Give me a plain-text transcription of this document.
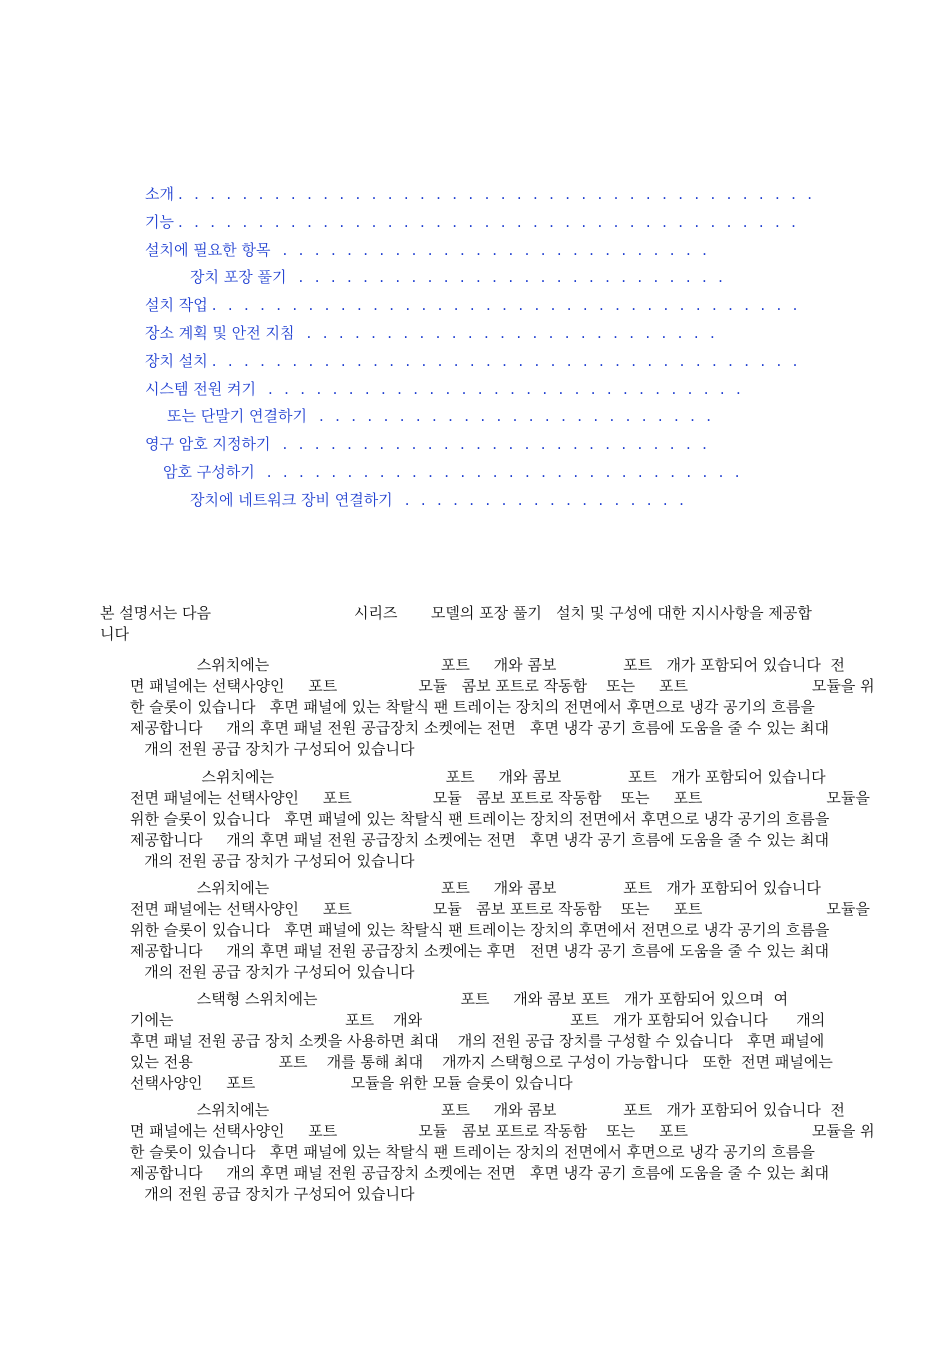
소개 . . . . . . . . . . . . . . . . . . . . . . . . . . . . . . . . . . . . . . . .
기능 . . . . . . . . . . . . . . . . . . . . . . . . . . . . . . . . . . . . . . .
설치에 필요한 항목 . . . . . . . . . . . . . . . . . . . . . . . . . . .
장치 포장 풀기 . . . . . . . . . . . . . . . . . . . . . . . . . . .
설치 작업 . . . . . . . . . . . . . . . . . . . . . . . . . . . . . . . . . . . . .
장소 계획 및 안전 지침 . . . . . . . . . . . . . . . . . . . . . . . . . .
장치 설치 . . . . . . . . . . . . . . . . . . . . . . . . . . . . . . . . . . . . .
시스템 전원 켜기 . . . . . . . . . . . . . . . . . . . . . . . . . . . . . .
또는 단말기 연결하기 . . . . . . . . . . . . . . . . . . . . . . . . .
영구 암호 지정하기 . . . . . . . . . . . . . . . . . . . . . . . . . . .
암호 구성하기 . . . . . . . . . . . . . . . . . . . . . . . . . . . . . .
장치에 네트워크 장비 연결하기 . . . . . . . . . . . . . . . . . .
본 설명서는 다음                              시리즈       모델의 포장 풀기   설치 및 구성에 대한 지시사항을 제공합
니다
스위치에는                                    포트     개와 콤보              포트   개가 포함되어 있습니다  전
면 패널에는 선택사양인     포트                 모듈   콤보 포트로 작동함    또는     포트                          모듈을 위
한 슬롯이 있습니다   후면 패널에 있는 착탈식 팬 트레이는 장치의 전면에서 후면으로 냉각 공기의 흐름을
제공합니다     개의 후면 패널 전원 공급장치 소켓에는 전면   후면 냉각 공기 흐름에 도움을 줄 수 있는 최대
개의 전원 공급 장치가 구성되어 있습니다
스위치에는                                    포트     개와 콤보              포트   개가 포함되어 있습니다
전면 패널에는 선택사양인     포트                 모듈   콤보 포트로 작동함    또는     포트                          모듈을
위한 슬롯이 있습니다   후면 패널에 있는 착탈식 팬 트레이는 장치의 전면에서 후면으로 냉각 공기의 흐름을
제공합니다     개의 후면 패널 전원 공급장치 소켓에는 전면   후면 냉각 공기 흐름에 도움을 줄 수 있는 최대
개의 전원 공급 장치가 구성되어 있습니다
스위치에는                                    포트     개와 콤보              포트   개가 포함되어 있습니다
전면 패널에는 선택사양인     포트                 모듈   콤보 포트로 작동함    또는     포트                          모듈을
위한 슬롯이 있습니다   후면 패널에 있는 착탈식 팬 트레이는 장치의 후면에서 전면으로 냉각 공기의 흐름을
제공합니다     개의 후면 패널 전원 공급장치 소켓에는 후면   전면 냉각 공기 흐름에 도움을 줄 수 있는 최대
개의 전원 공급 장치가 구성되어 있습니다
스택형 스위치에는                              포트     개와 콤보 포트   개가 포함되어 있으며  여
기에는                                    포트    개와                               포트   개가 포함되어 있습니다      개의
후면 패널 전원 공급 장치 소켓을 사용하면 최대    개의 전원 공급 장치를 구성할 수 있습니다   후면 패널에
있는 전용                  포트    개를 통해 최대    개까지 스택형으로 구성이 가능합니다   또한  전면 패널에는
선택사양인     포트                    모듈을 위한 모듈 슬롯이 있습니다
스위치에는                                    포트     개와 콤보              포트   개가 포함되어 있습니다  전
면 패널에는 선택사양인     포트                 모듈   콤보 포트로 작동함    또는     포트                          모듈을 위
한 슬롯이 있습니다   후면 패널에 있는 착탈식 팬 트레이는 장치의 전면에서 후면으로 냉각 공기의 흐름을
제공합니다     개의 후면 패널 전원 공급장치 소켓에는 전면   후면 냉각 공기 흐름에 도움을 줄 수 있는 최대
개의 전원 공급 장치가 구성되어 있습니다
